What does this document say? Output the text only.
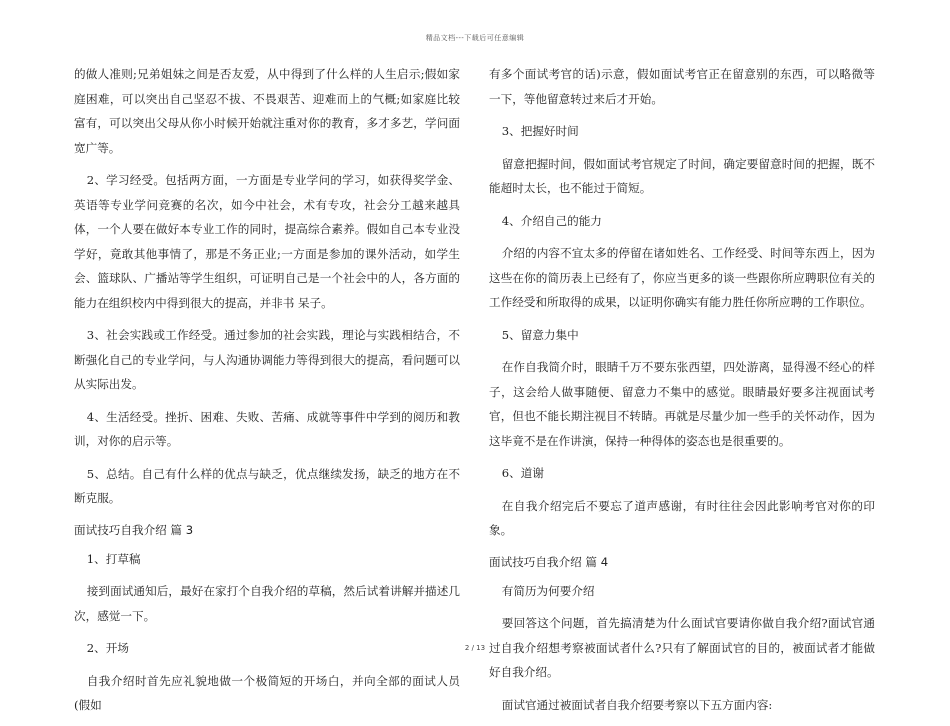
精品文档---下载后可任意编辑

的做人准则;兄弟姐妹之间是否友爱，从中得到了什么样的人生启示;假如家庭困难，可以突出自己坚忍不拔、不畏艰苦、迎难而上的气概;如家庭比较富有，可以突出父母从你小时候开始就注重对你的教育，多才多艺，学问面宽广等。

2、学习经受。包括两方面，一方面是专业学问的学习，如获得奖学金、英语等专业学问竞赛的名次，如今中社会，术有专攻，社会分工越来越具体，一个人要在做好本专业工作的同时，提高综合素养。假如自己本专业没学好，竟敢其他事情了，那是不务正业;一方面是参加的课外活动，如学生会、篮球队、广播站等学生组织，可证明自己是一个社会中的人，各方面的能力在组织校内中得到很大的提高，并非书 呆子。

3、社会实践或工作经受。通过参加的社会实践，理论与实践相结合，不断强化自己的专业学问，与人沟通协调能力等得到很大的提高，看问题可以从实际出发。

4、生活经受。挫折、困难、失败、苦痛、成就等事件中学到的阅历和教训，对你的启示等。

5、总结。自己有什么样的优点与缺乏，优点继续发扬，缺乏的地方在不断克服。

面试技巧自我介绍 篇 3

1、打草稿

接到面试通知后，最好在家打个自我介绍的草稿，然后试着讲解并描述几次，感觉一下。

2、开场

自我介绍时首先应礼貌地做一个极简短的开场白，并向全部的面试人员(假如

有多个面试考官的话)示意，假如面试考官正在留意别的东西，可以略微等一下，等他留意转过来后才开始。

3、把握好时间

留意把握时间，假如面试考官规定了时间，确定要留意时间的把握，既不能超时太长，也不能过于简短。

4、介绍自己的能力

介绍的内容不宜太多的停留在诸如姓名、工作经受、时间等东西上，因为这些在你的简历表上已经有了，你应当更多的谈一些跟你所应聘职位有关的工作经受和所取得的成果，以证明你确实有能力胜任你所应聘的工作职位。

5、留意力集中

在作自我简介时，眼睛千万不要东张西望，四处游离，显得漫不经心的样子，这会给人做事随便、留意力不集中的感觉。眼睛最好要多注视面试考官，但也不能长期注视目不转睛。再就是尽量少加一些手的关怀动作，因为这毕竟不是在作讲演，保持一种得体的姿态也是很重要的。

6、道谢

在自我介绍完后不要忘了道声感谢，有时往往会因此影响考官对你的印象。

面试技巧自我介绍 篇 4

有简历为何要介绍

要回答这个问题，首先搞清楚为什么面试官要请你做自我介绍?面试官通过自我介绍想考察被面试者什么?只有了解面试官的目的，被面试者才能做好自我介绍。

面试官通过被面试者自我介绍要考察以下五方面内容:

2 / 13
